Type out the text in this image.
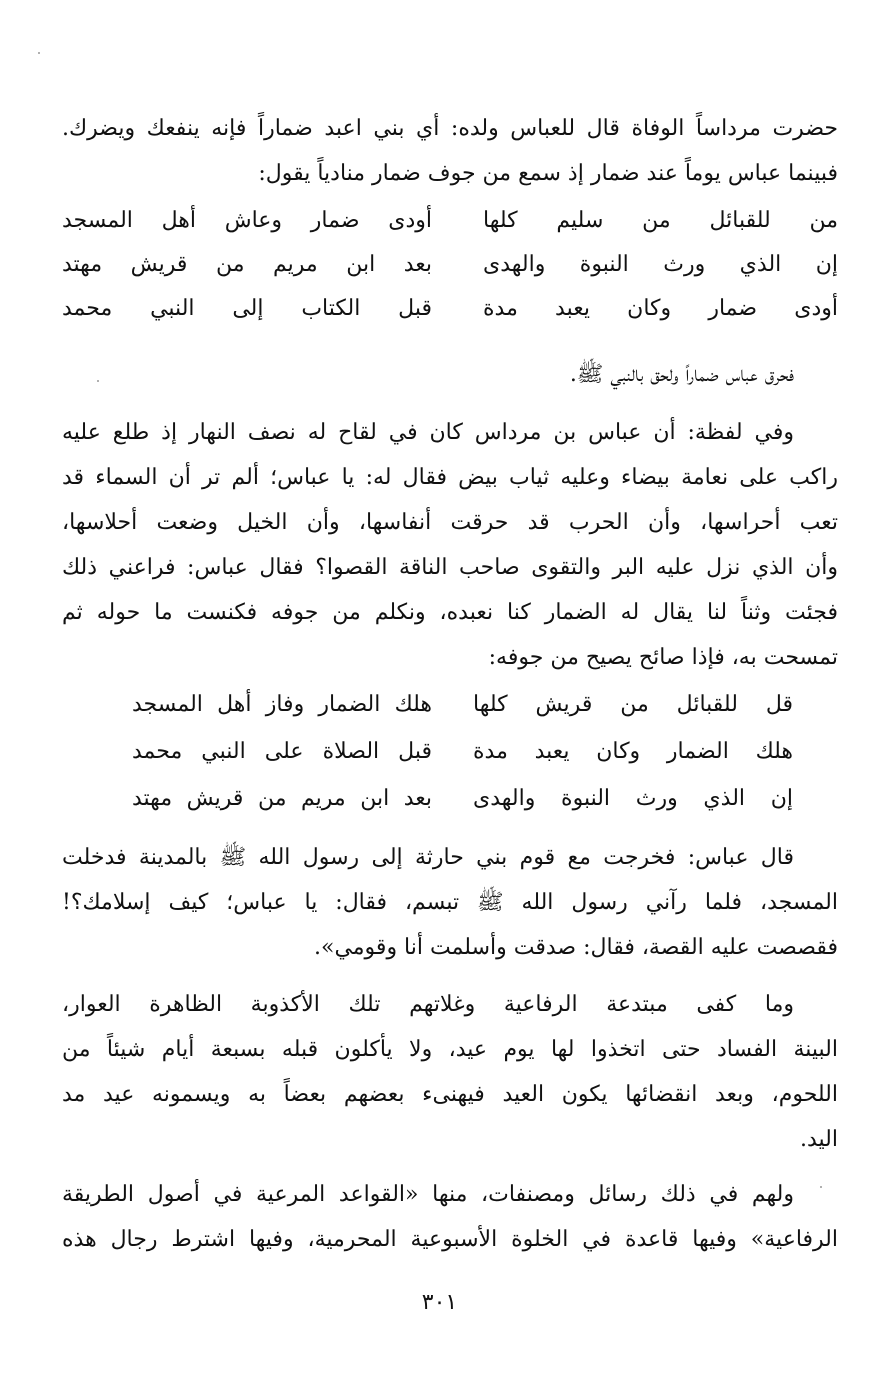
حضرت مرداساً الوفاة قال للعباس ولده: أي بني اعبد ضماراً فإنه ينفعك ويضرك.
فبينما عباس يوماً عند ضمار إذ سمع من جوف ضمار منادياً يقول:
من للقبائل من سليم كلها
أودى ضمار وعاش أهل المسجد
إن الذي ورث النبوة والهدى
بعد ابن مريم من قريش مهتد
أودى ضمار وكان يعبد مدة
قبل الكتاب إلى النبي محمد
فحرق عباس ضماراً ولحق بالنبي ﷺ.
وفي لفظة: أن عباس بن مرداس كان في لقاح له نصف النهار إذ طلع عليه
راكب على نعامة بيضاء وعليه ثياب بيض فقال له: يا عباس؛ ألم تر أن السماء قد
تعب أحراسها، وأن الحرب قد حرقت أنفاسها، وأن الخيل وضعت أحلاسها،
وأن الذي نزل عليه البر والتقوى صاحب الناقة القصوا؟ فقال عباس: فراعني ذلك
فجئت وثناً لنا يقال له الضمار كنا نعبده، ونكلم من جوفه فكنست ما حوله ثم
تمسحت به، فإذا صائح يصيح من جوفه:
قل للقبائل من قريش كلها
هلك الضمار وفاز أهل المسجد
هلك الضمار وكان يعبد مدة
قبل الصلاة على النبي محمد
إن الذي ورث النبوة والهدى
بعد ابن مريم من قريش مهتد
قال عباس: فخرجت مع قوم بني حارثة إلى رسول الله ﷺ بالمدينة فدخلت
المسجد، فلما رآني رسول الله ﷺ تبسم، فقال: يا عباس؛ كيف إسلامك؟!
فقصصت عليه القصة، فقال: صدقت وأسلمت أنا وقومي».
وما كفى مبتدعة الرفاعية وغلاتهم تلك الأكذوبة الظاهرة العوار،
البينة الفساد حتى اتخذوا لها يوم عيد، ولا يأكلون قبله بسبعة أيام شيئاً من
اللحوم، وبعد انقضائها يكون العيد فيهنىء بعضهم بعضاً به ويسمونه عيد مد
اليد.
ولهم في ذلك رسائل ومصنفات، منها «القواعد المرعية في أصول الطريقة
الرفاعية» وفيها قاعدة في الخلوة الأسبوعية المحرمية، وفيها اشترط رجال هذه
٣٠١
